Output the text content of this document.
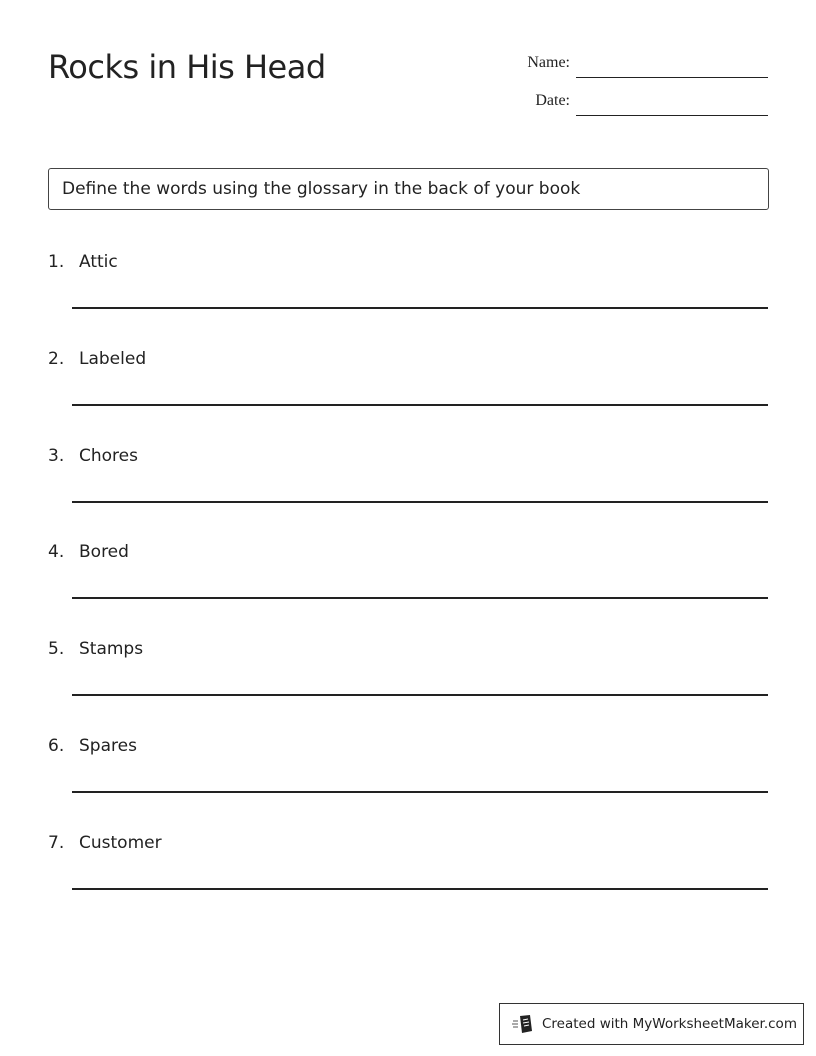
Rocks in His Head	Name:
Date:
Define the words using the glossary in the back of your book
1. Attic
2. Labeled
3. Chores
4. Bored
5. Stamps
6. Spares
7. Customer
Created with MyWorksheetMaker.com
